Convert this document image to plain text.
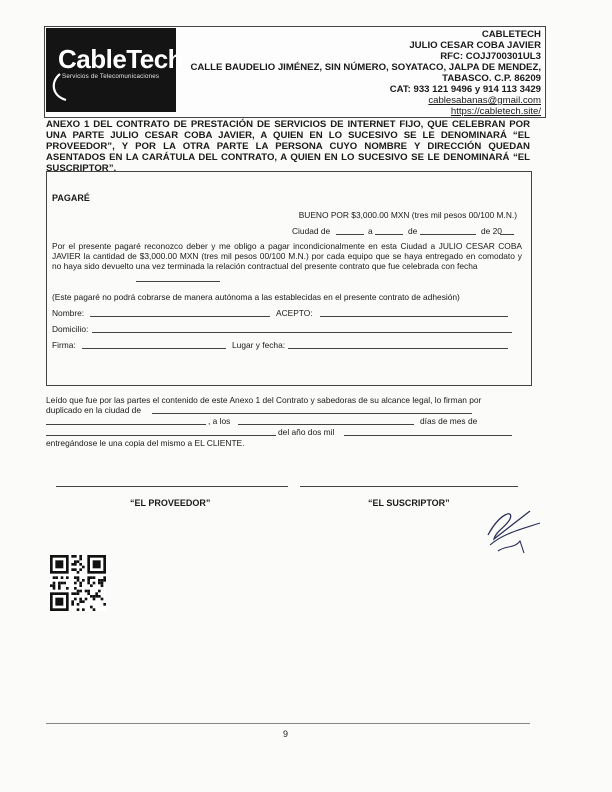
CableTech
Servicios de Telecomunicaciones
CABLETECH
JULIO CESAR COBA JAVIER
RFC: COJJ700301UL3
CALLE BAUDELIO JIMÉNEZ, SIN NÚMERO, SOYATACO, JALPA DE MENDEZ,
TABASCO. C.P. 86209
CAT: 933 121 9496 y 914 113 3429
cablesabanas@gmail.com
https://cabletech.site/
ANEXO 1 DEL CONTRATO DE PRESTACIÓN DE SERVICIOS DE INTERNET FIJO, QUE CELEBRAN POR UNA PARTE JULIO CESAR COBA JAVIER, A QUIEN EN LO SUCESIVO SE LE DENOMINARÁ “EL PROVEEDOR”, Y POR LA OTRA PARTE LA PERSONA CUYO NOMBRE Y DIRECCIÓN QUEDAN ASENTADOS EN LA CARÁTULA DEL CONTRATO, A QUIEN EN LO SUCESIVO SE LE DENOMINARÁ “EL SUSCRIPTOR”.
PAGARÉ
BUENO POR $3,000.00 MXN (tres mil pesos 00/100 M.N.)
Ciudad de	a	de	de 20
Por el presente pagaré reconozco deber y me obligo a pagar incondicionalmente en esta Ciudad a JULIO CESAR COBA JAVIER la cantidad de $3,000.00 MXN (tres mil pesos 00/100 M.N.) por cada equipo que se haya entregado en comodato y no haya sido devuelto una vez terminada la relación contractual del presente contrato que fue celebrada con fecha
(Este pagaré no podrá cobrarse de manera autónoma a las establecidas en el presente contrato de adhesión)
Nombre:	ACEPTO:
Domicilio:
Firma:	Lugar y fecha:
Leído que fue por las partes el contenido de este Anexo 1 del Contrato y sabedoras de su alcance legal, lo firman por
duplicado en la ciudad de
, a los	días de mes de
del año dos mil
entregándose le una copia del mismo a EL CLIENTE.
“EL PROVEEDOR”	“EL SUSCRIPTOR”
9
